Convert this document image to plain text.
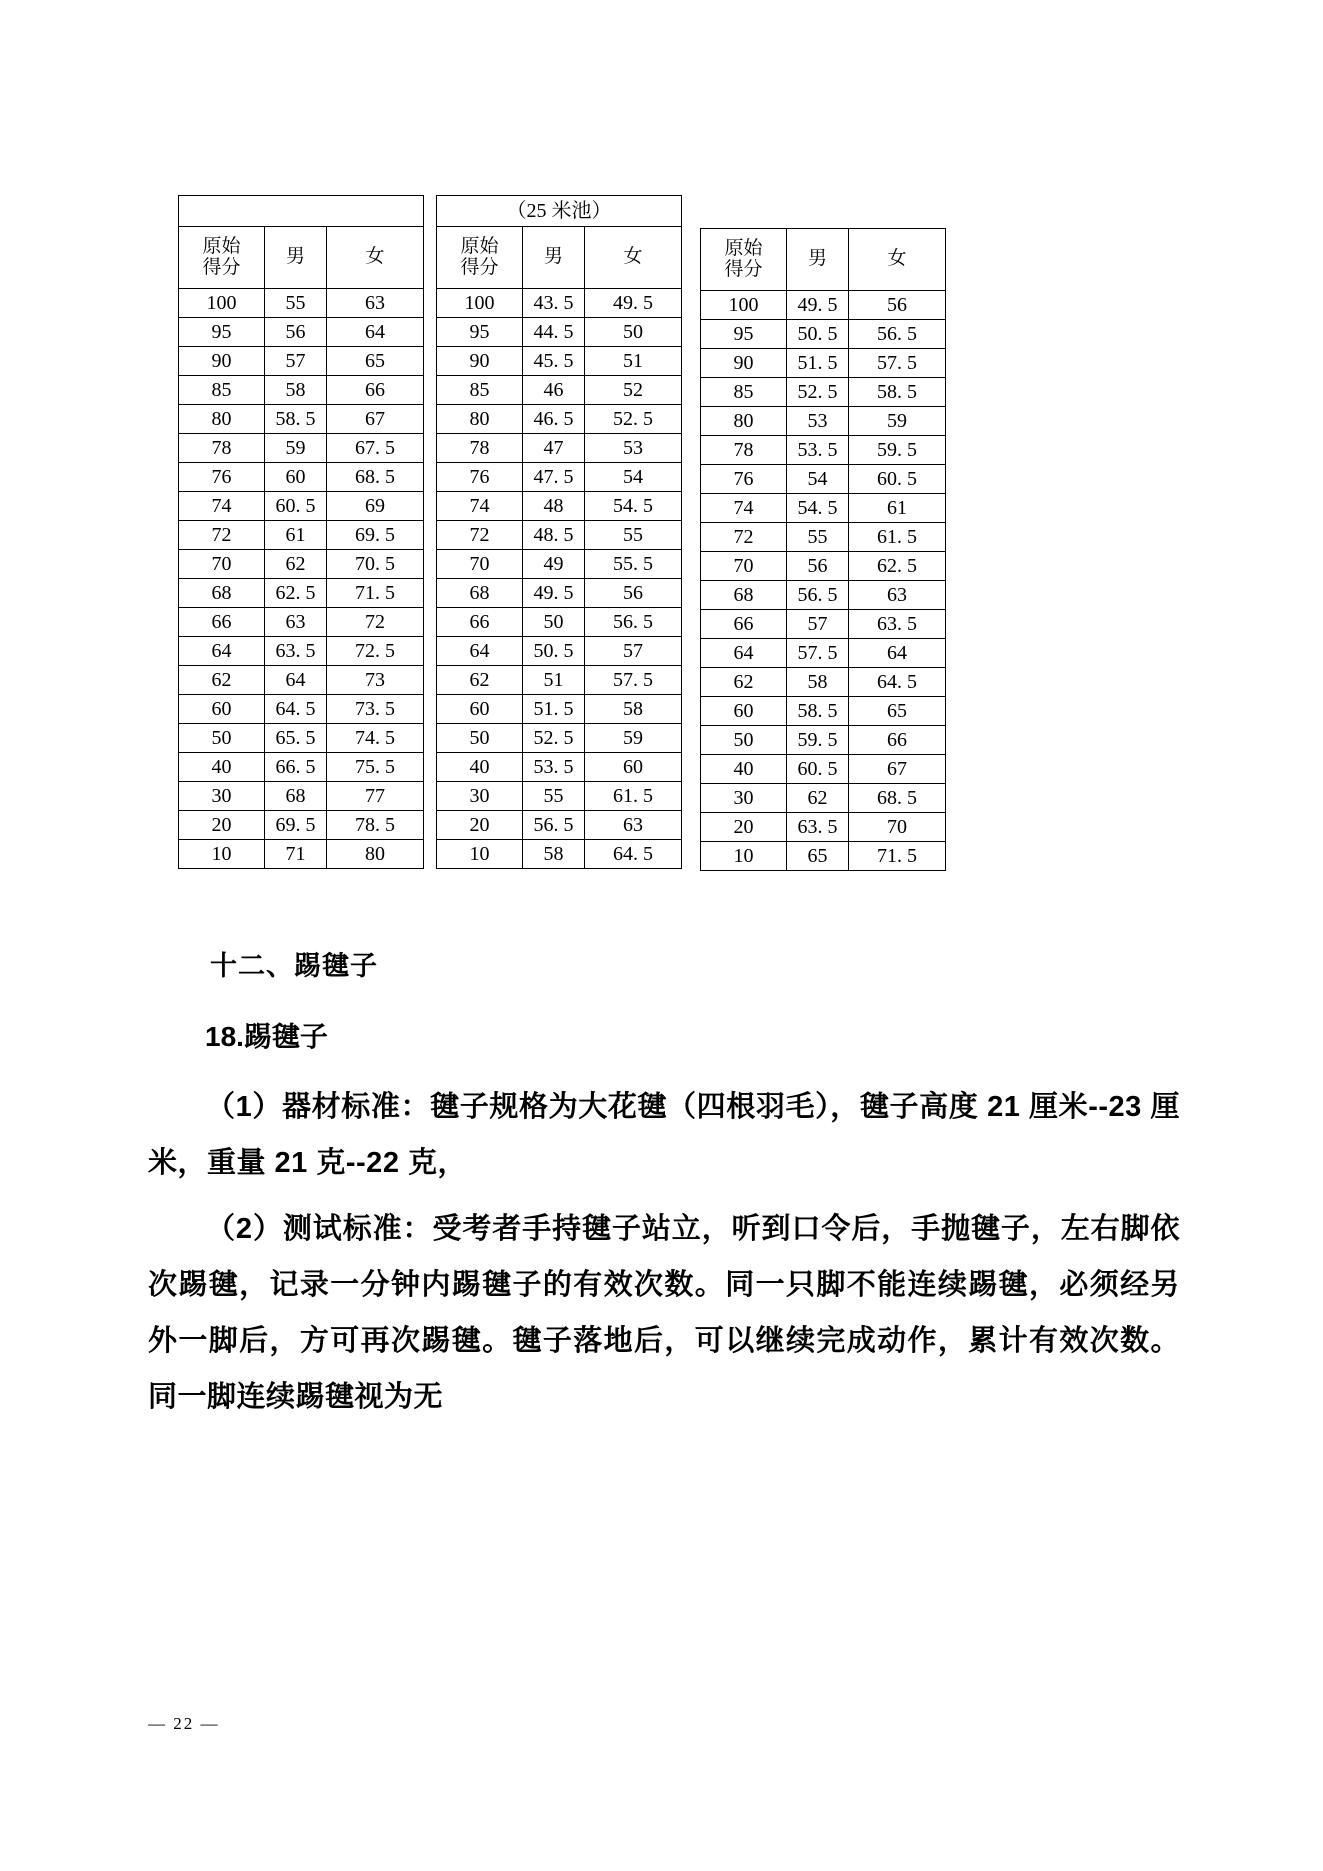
原始
得分	男	女
100	55	63
95	56	64
90	57	65
85	58	66
80	58. 5	67
78	59	67. 5
76	60	68. 5
74	60. 5	69
72	61	69. 5
70	62	70. 5
68	62. 5	71. 5
66	63	72
64	63. 5	72. 5
62	64	73
60	64. 5	73. 5
50	65. 5	74. 5
40	66. 5	75. 5
30	68	77
20	69. 5	78. 5
10	71	80
（25 米池）		
原始
得分	男	女
100	43. 5	49. 5
95	44. 5	50
90	45. 5	51
85	46	52
80	46. 5	52. 5
78	47	53
76	47. 5	54
74	48	54. 5
72	48. 5	55
70	49	55. 5
68	49. 5	56
66	50	56. 5
64	50. 5	57
62	51	57. 5
60	51. 5	58
50	52. 5	59
40	53. 5	60
30	55	61. 5
20	56. 5	63
10	58	64. 5
原始
得分	男	女
100	49. 5	56
95	50. 5	56. 5
90	51. 5	57. 5
85	52. 5	58. 5
80	53	59
78	53. 5	59. 5
76	54	60. 5
74	54. 5	61
72	55	61. 5
70	56	62. 5
68	56. 5	63
66	57	63. 5
64	57. 5	64
62	58	64. 5
60	58. 5	65
50	59. 5	66
40	60. 5	67
30	62	68. 5
20	63. 5	70
10	65	71. 5
十二、踢毽子
18.踢毽子

（1）器材标准：毽子规格为大花毽（四根羽毛），毽子高度 21 厘米--23 厘米，重量 21 克--22 克，

（2）测试标准：受考者手持毽子站立，听到口令后，手抛毽子，左右脚依次踢毽，记录一分钟内踢毽子的有效次数。同一只脚不能连续踢毽，必须经另外一脚后，方可再次踢毽。毽子落地后，可以继续完成动作，累计有效次数。同一脚连续踢毽视为无

— 22 —
